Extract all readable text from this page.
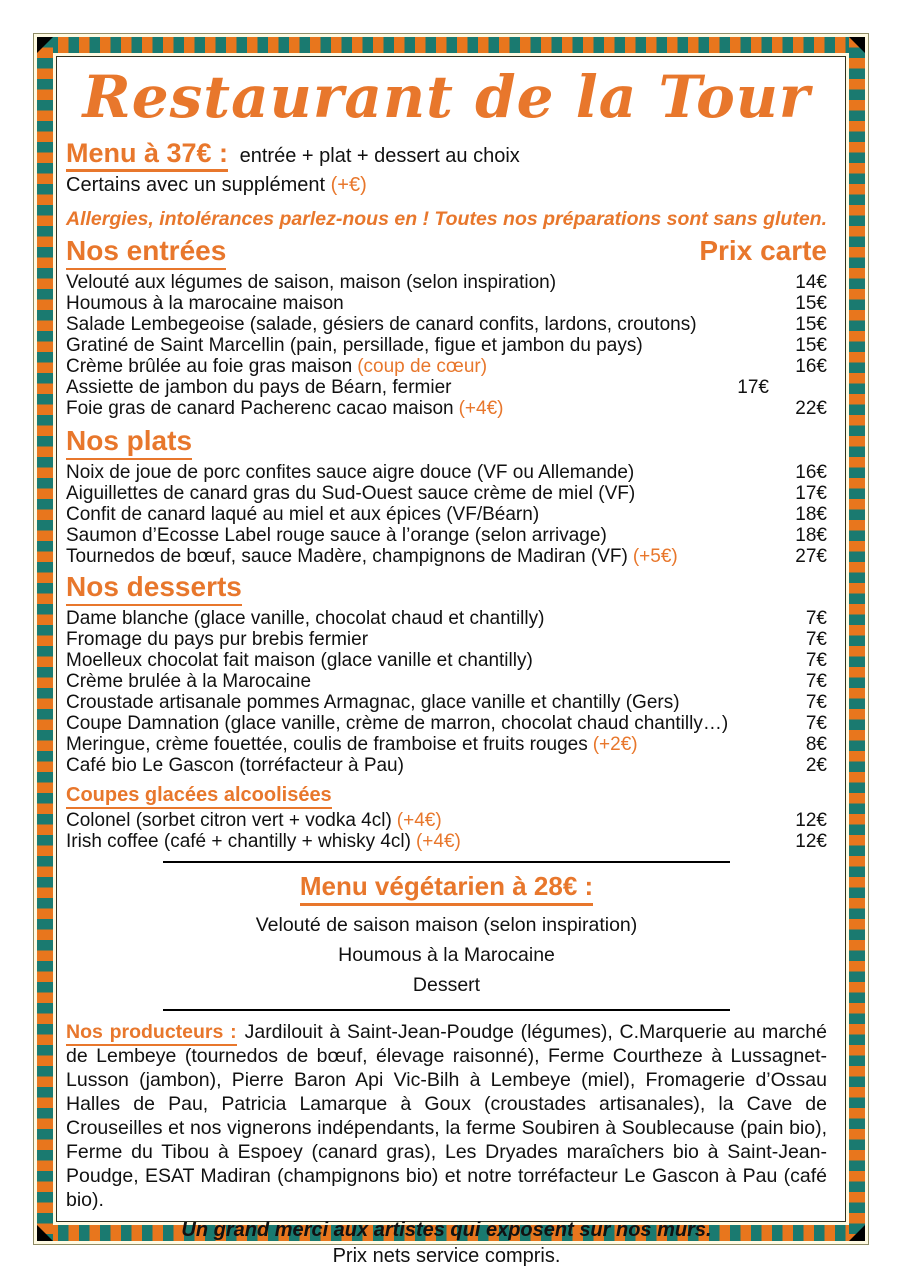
Restaurant de la Tour
Menu à 37€ : entrée + plat + dessert au choix
Certains avec un supplément (+€)
Allergies, intolérances parlez-nous en ! Toutes nos préparations sont sans gluten.
Nos entrées	Prix carte
Velouté aux légumes de saison, maison (selon inspiration)	14€
Houmous à la marocaine maison	15€
Salade Lembegeoise (salade, gésiers de canard confits, lardons, croutons)	15€
Gratiné de Saint Marcellin (pain, persillade, figue et jambon du pays)	15€
Crème brûlée au foie gras maison (coup de cœur)	16€
Assiette de jambon du pays de Béarn, fermier	17€
Foie gras de canard Pacherenc cacao maison (+4€)	22€
Nos plats
Noix de joue de porc confites sauce aigre douce (VF ou Allemande)	16€
Aiguillettes de canard gras du Sud-Ouest sauce crème de miel (VF)	17€
Confit de canard laqué au miel et aux épices (VF/Béarn)	18€
Saumon d’Ecosse Label rouge sauce à l’orange (selon arrivage)	18€
Tournedos de bœuf, sauce Madère, champignons de Madiran (VF) (+5€)	27€
Nos desserts
Dame blanche (glace vanille, chocolat chaud et chantilly)	7€
Fromage du pays pur brebis fermier	7€
Moelleux chocolat fait maison (glace vanille et chantilly)	7€
Crème brulée à la Marocaine	7€
Croustade artisanale pommes Armagnac, glace vanille et chantilly (Gers)	7€
Coupe Damnation (glace vanille, crème de marron, chocolat chaud chantilly…)	7€
Meringue, crème fouettée, coulis de framboise et fruits rouges (+2€)	8€
Café bio Le Gascon (torréfacteur à Pau)	2€
Coupes glacées alcoolisées
Colonel (sorbet citron vert + vodka 4cl) (+4€)	12€
Irish coffee (café + chantilly + whisky 4cl) (+4€)	12€
Menu végétarien à 28€ :
Velouté de saison maison (selon inspiration)
Houmous à la Marocaine
Dessert
Nos producteurs : Jardilouit à Saint-Jean-Poudge (légumes), C.Marquerie au marché de Lembeye (tournedos de bœuf, élevage raisonné), Ferme Courtheze à Lussagnet-Lusson (jambon), Pierre Baron Api Vic-Bilh à Lembeye (miel), Fromagerie d’Ossau Halles de Pau, Patricia Lamarque à Goux (croustades artisanales), la Cave de Crouseilles et nos vignerons indépendants, la ferme Soubiren à Soublecause (pain bio), Ferme du Tibou à Espoey (canard gras), Les Dryades maraîchers bio à Saint-Jean-Poudge, ESAT Madiran (champignons bio) et notre torréfacteur Le Gascon à Pau (café bio).
Un grand merci aux artistes qui exposent sur nos murs.
Prix nets service compris.
